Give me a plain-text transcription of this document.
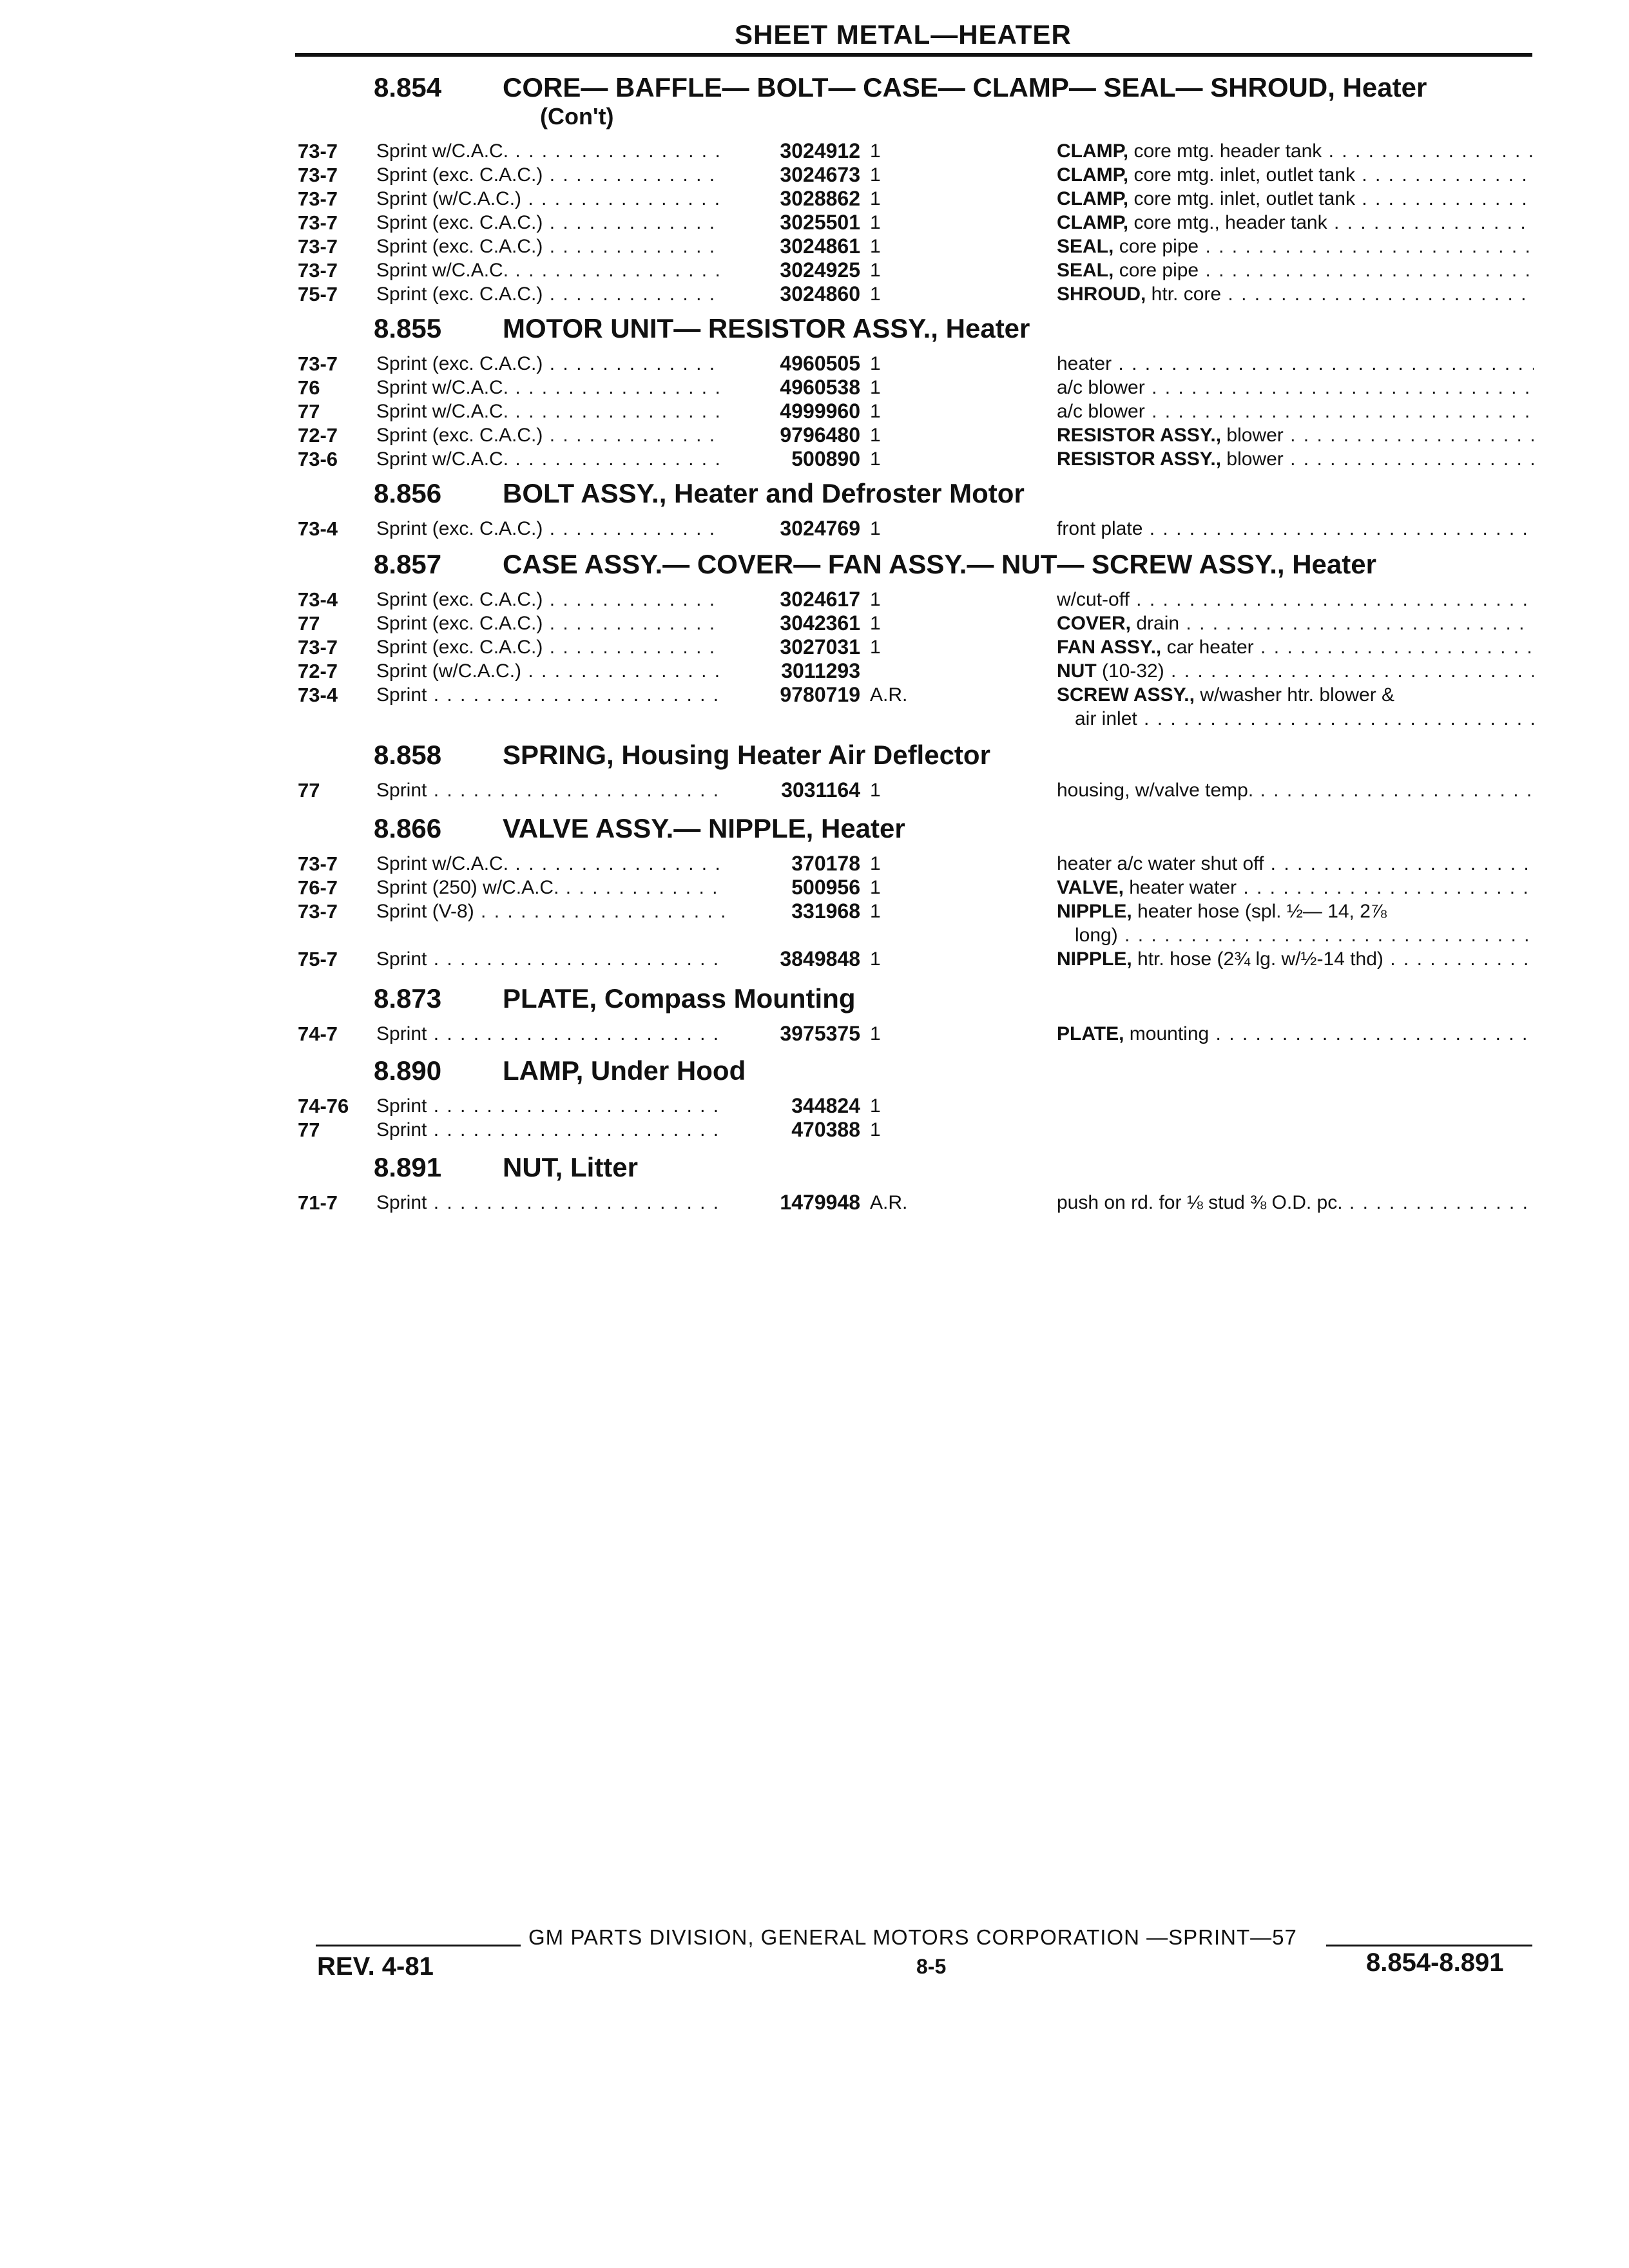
SHEET METAL—HEATER
8.854 CORE— BAFFLE— BOLT— CASE— CLAMP— SEAL— SHROUD, Heater
(Con't)
73-7 Sprint w/C.A.C. . . .	3024912 1	CLAMP, core mtg. header tank . . .
73-7 Sprint (exc. C.A.C.) . . .	3024673 1	CLAMP, core mtg. inlet, outlet tank . . .
73-7 Sprint (w/C.A.C.) . . .	3028862 1	CLAMP, core mtg. inlet, outlet tank . . .
73-7 Sprint (exc. C.A.C.) . . .	3025501 1	CLAMP, core mtg., header tank . . .
73-7 Sprint (exc. C.A.C.) . . .	3024861 1	SEAL, core pipe . . .
73-7 Sprint w/C.A.C. . . .	3024925 1	SEAL, core pipe . . .
75-7 Sprint (exc. C.A.C.) . . .	3024860 1	SHROUD, htr. core . . .
8.855 MOTOR UNIT— RESISTOR ASSY., Heater
73-7 Sprint (exc. C.A.C.) . . .	4960505 1	heater . . .
76	Sprint w/C.A.C. . . .	4960538 1	a/c blower . . .
77	Sprint w/C.A.C. . . .	4999960 1	a/c blower . . .
72-7 Sprint (exc. C.A.C.) . . .	9796480 1	RESISTOR ASSY., blower . . .
73-6 Sprint w/C.A.C. . . .	500890 1	RESISTOR ASSY., blower . . .
8.856 BOLT ASSY., Heater and Defroster Motor
73-4 Sprint (exc. C.A.C.) . . .	3024769 1	front plate . . .
8.857 CASE ASSY.— COVER— FAN ASSY.— NUT— SCREW ASSY., Heater
73-4 Sprint (exc. C.A.C.) . . .	3024617 1	w/cut-off . . .
77	Sprint (exc. C.A.C.) . . .	3042361 1	COVER, drain . . .
73-7 Sprint (exc. C.A.C.) . . .	3027031 1	FAN ASSY., car heater . . .
72-7 Sprint (w/C.A.C.) . . .	3011293	NUT (10-32) . . .
73-4 Sprint . . .	9780719 A.R.	SCREW ASSY., w/washer htr. blower &
air inlet . . .
8.858 SPRING, Housing Heater Air Deflector
77	Sprint . . .	3031164 1	housing, w/valve temp. . . .
8.866 VALVE ASSY.— NIPPLE, Heater
73-7 Sprint w/C.A.C. . . .	370178 1	heater a/c water shut off . . .
76-7 Sprint (250) w/C.A.C. . . .	500956 1	VALVE, heater water . . .
73-7 Sprint (V-8) . . .	331968 1	NIPPLE, heater hose (spl. ½— 14, 2⅞
long) . . .
75-7 Sprint . . .	3849848 1	NIPPLE, htr. hose (2¾ lg. w/½-14 thd) . . .
8.873 PLATE, Compass Mounting
74-7 Sprint . . .	3975375 1	PLATE, mounting . . .
8.890 LAMP, Under Hood
74-76 Sprint . . .	344824 1
77	Sprint . . .	470388 1
8.891 NUT, Litter
71-7 Sprint . . .	1479948 A.R.	push on rd. for ⅛ stud ⅜ O.D. pc. . . .
GM PARTS DIVISION, GENERAL MOTORS CORPORATION —SPRINT—57
REV. 4-81	8-5	8.854-8.891
